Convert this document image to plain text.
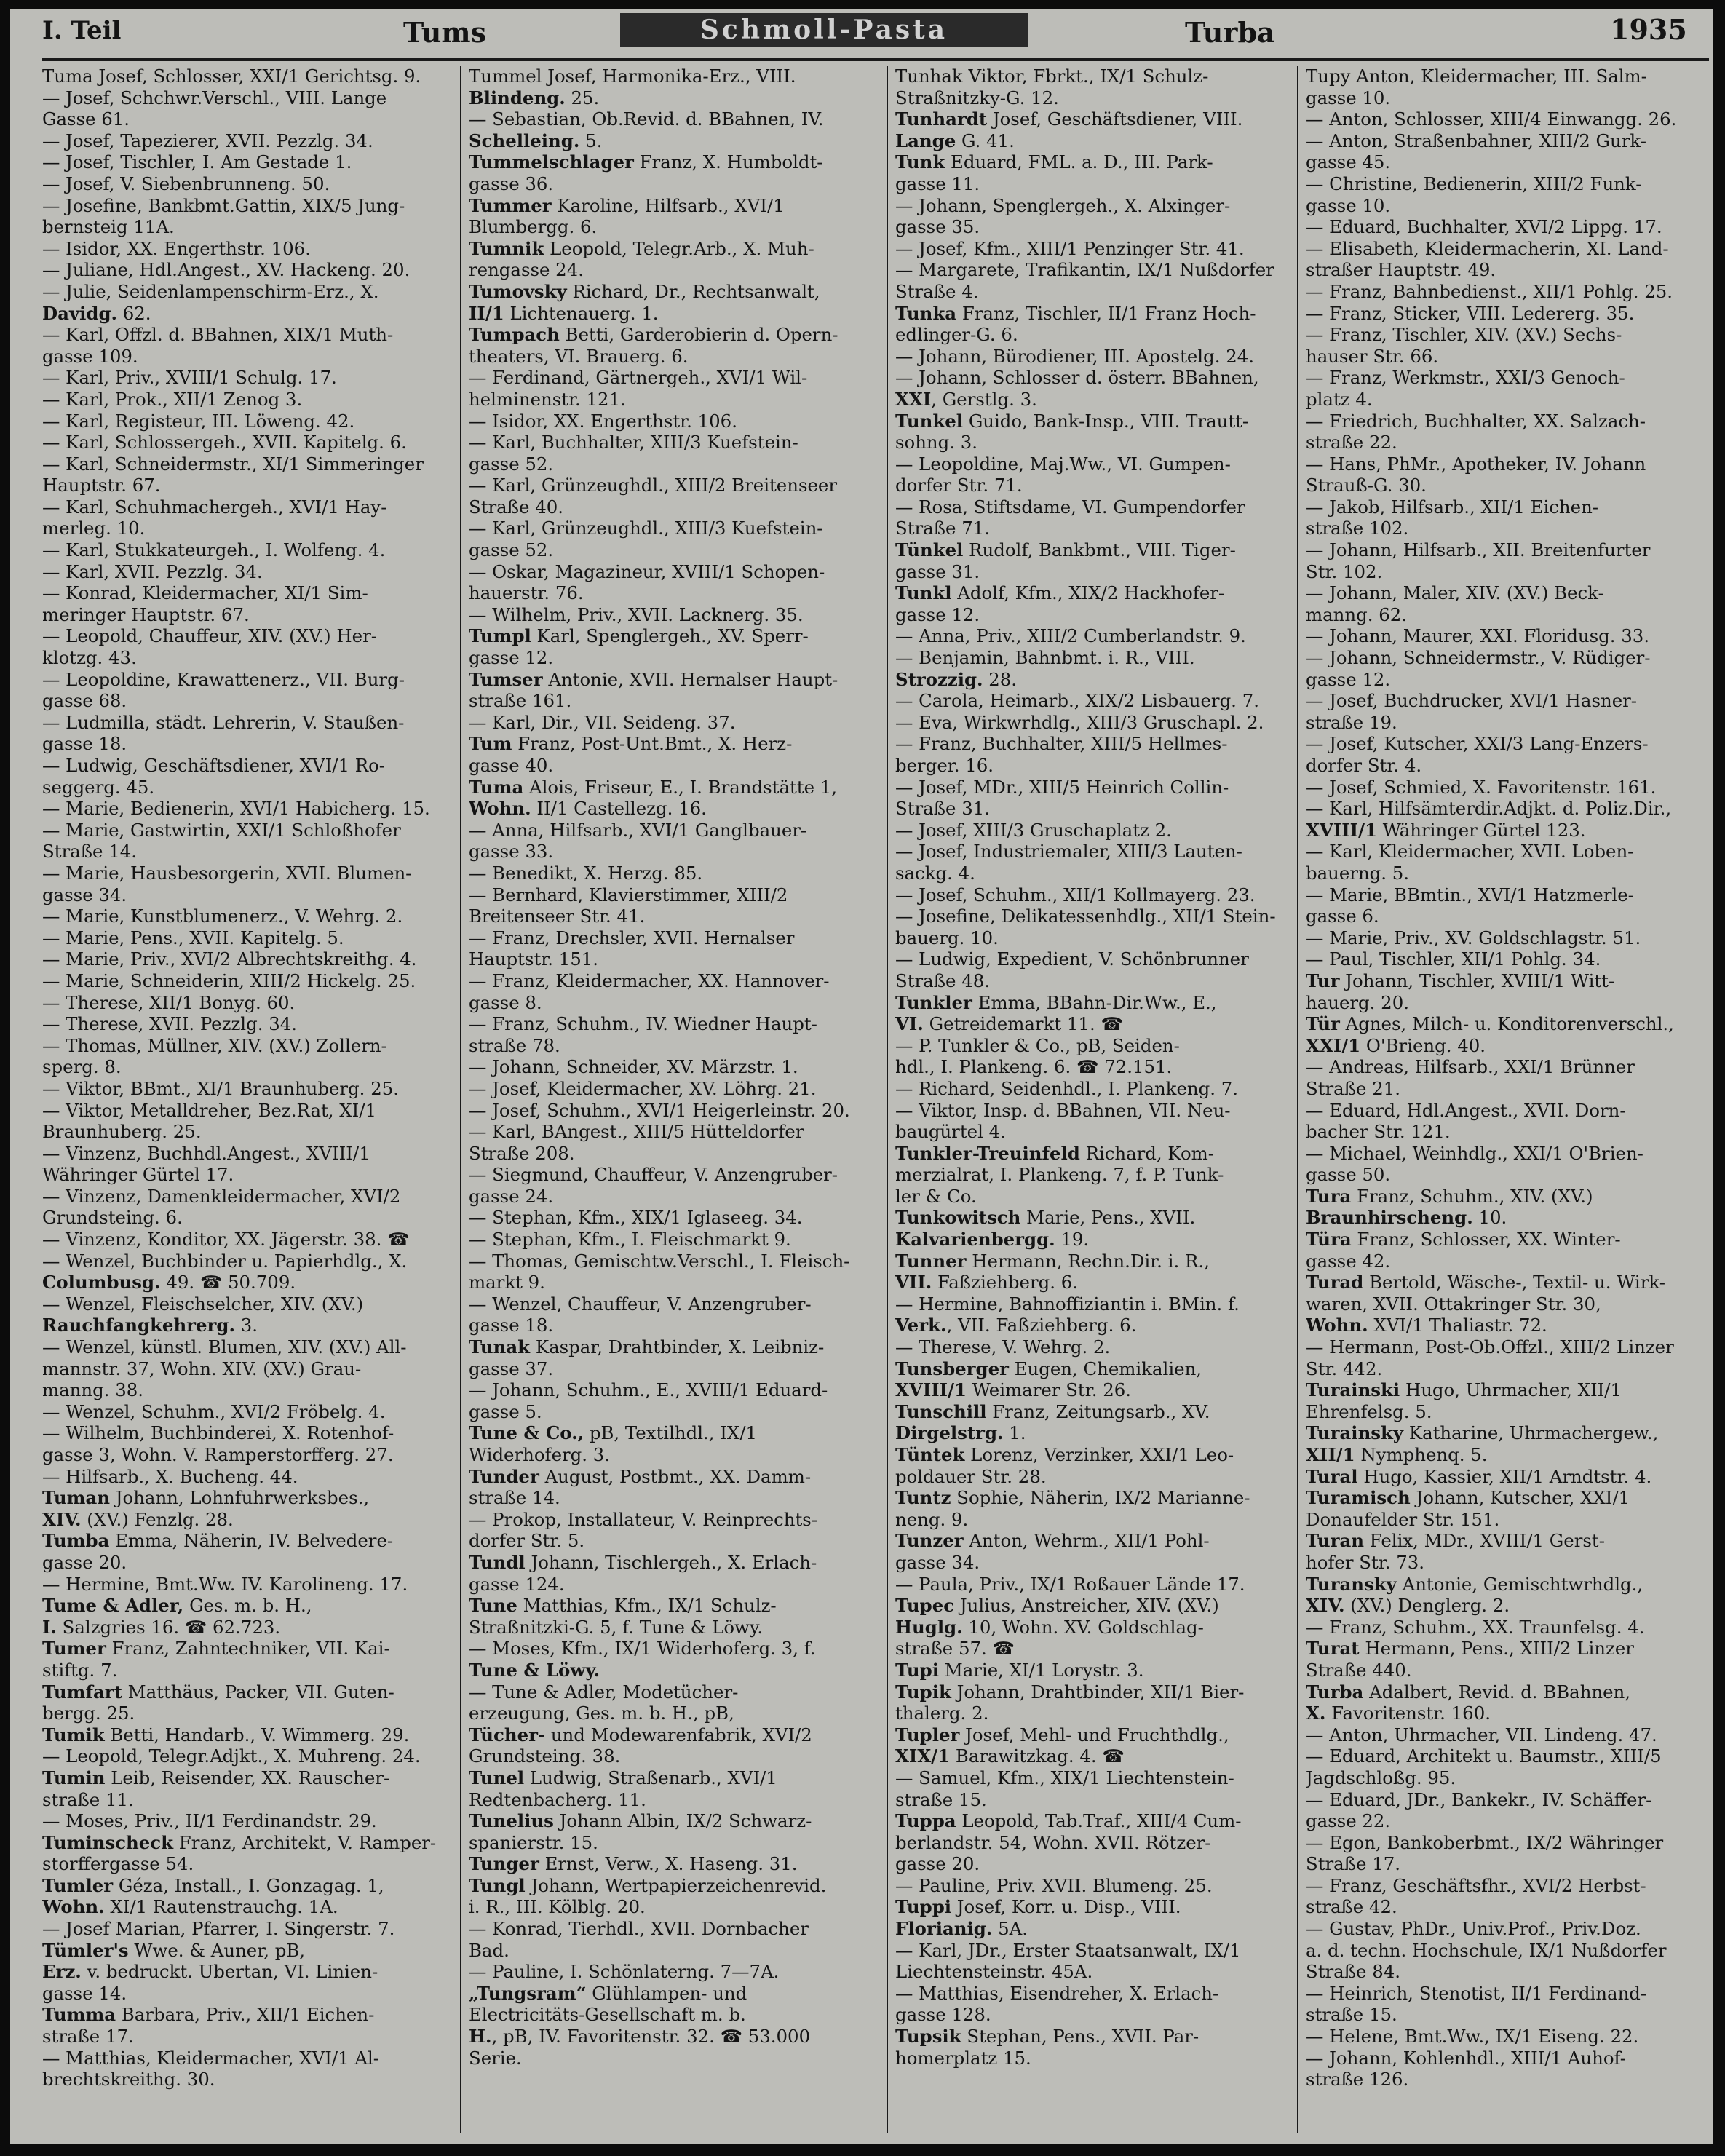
I. Teil	Tums	Schmoll-Pasta	Turba	1935

Tuma Josef, Schlosser, XXI/1 Gerichtsg. 9.

— Josef, Schchwr.Verschl., VIII. Lange

Gasse 61.

— Josef, Tapezierer, XVII. Pezzlg. 34.

— Josef, Tischler, I. Am Gestade 1.

— Josef, V. Siebenbrunneng. 50.

— Josefine, Bankbmt.Gattin, XIX/5 Jung-

bernsteig 11A.

— Isidor, XX. Engerthstr. 106.

— Juliane, Hdl.Angest., XV. Hackeng. 20.

— Julie, Seidenlampenschirm-Erz., X.

Davidg. 62.

— Karl, Offzl. d. BBahnen, XIX/1 Muth-

gasse 109.

— Karl, Priv., XVIII/1 Schulg. 17.

— Karl, Prok., XII/1 Zenog 3.

— Karl, Registeur, III. Löweng. 42.

— Karl, Schlossergeh., XVII. Kapitelg. 6.

— Karl, Schneidermstr., XI/1 Simmeringer

Hauptstr. 67.

— Karl, Schuhmachergeh., XVI/1 Hay-

merleg. 10.

— Karl, Stukkateurgeh., I. Wolfeng. 4.

— Karl, XVII. Pezzlg. 34.

— Konrad, Kleidermacher, XI/1 Sim-

meringer Hauptstr. 67.

— Leopold, Chauffeur, XIV. (XV.) Her-

klotzg. 43.

— Leopoldine, Krawattenerz., VII. Burg-

gasse 68.

— Ludmilla, städt. Lehrerin, V. Staußen-

gasse 18.

— Ludwig, Geschäftsdiener, XVI/1 Ro-

seggerg. 45.

— Marie, Bedienerin, XVI/1 Habicherg. 15.

— Marie, Gastwirtin, XXI/1 Schloßhofer

Straße 14.

— Marie, Hausbesorgerin, XVII. Blumen-

gasse 34.

— Marie, Kunstblumenerz., V. Wehrg. 2.

— Marie, Pens., XVII. Kapitelg. 5.

— Marie, Priv., XVI/2 Albrechtskreithg. 4.

— Marie, Schneiderin, XIII/2 Hickelg. 25.

— Therese, XII/1 Bonyg. 60.

— Therese, XVII. Pezzlg. 34.

— Thomas, Müllner, XIV. (XV.) Zollern-

sperg. 8.

— Viktor, BBmt., XI/1 Braunhuberg. 25.

— Viktor, Metalldreher, Bez.Rat, XI/1

Braunhuberg. 25.

— Vinzenz, Buchhdl.Angest., XVIII/1

Währinger Gürtel 17.

— Vinzenz, Damenkleidermacher, XVI/2

Grundsteing. 6.

— Vinzenz, Konditor, XX. Jägerstr. 38. ☎

— Wenzel, Buchbinder u. Papierhdlg., X.

Columbusg. 49. ☎ 50.709.

— Wenzel, Fleischselcher, XIV. (XV.)

Rauchfangkehrerg. 3.

— Wenzel, künstl. Blumen, XIV. (XV.) All-

mannstr. 37, Wohn. XIV. (XV.) Grau-

manng. 38.

— Wenzel, Schuhm., XVI/2 Fröbelg. 4.

— Wilhelm, Buchbinderei, X. Rotenhof-

gasse 3, Wohn. V. Ramperstorfferg. 27.

— Hilfsarb., X. Bucheng. 44.

Tuman Johann, Lohnfuhrwerksbes.,

XIV. (XV.) Fenzlg. 28.

Tumba Emma, Näherin, IV. Belvedere-

gasse 20.

— Hermine, Bmt.Ww. IV. Karolineng. 17.

Tume & Adler, Ges. m. b. H.,

I. Salzgries 16. ☎ 62.723.

Tumer Franz, Zahntechniker, VII. Kai-

stiftg. 7.

Tumfart Matthäus, Packer, VII. Guten-

bergg. 25.

Tumik Betti, Handarb., V. Wimmerg. 29.

— Leopold, Telegr.Adjkt., X. Muhreng. 24.

Tumin Leib, Reisender, XX. Rauscher-

straße 11.

— Moses, Priv., II/1 Ferdinandstr. 29.

Tuminscheck Franz, Architekt, V. Ramper-

storffergasse 54.

Tumler Géza, Install., I. Gonzagag. 1,

Wohn. XI/1 Rautenstrauchg. 1A.

— Josef Marian, Pfarrer, I. Singerstr. 7.

Tümler's Wwe. & Auner, pB,

Erz. v. bedruckt. Ubertan, VI. Linien-

gasse 14.

Tumma Barbara, Priv., XII/1 Eichen-

straße 17.

— Matthias, Kleidermacher, XVI/1 Al-

brechtskreithg. 30.

Tummel Josef, Harmonika-Erz., VIII.

Blindeng. 25.

— Sebastian, Ob.Revid. d. BBahnen, IV.

Schelleing. 5.

Tummelschlager Franz, X. Humboldt-

gasse 36.

Tummer Karoline, Hilfsarb., XVI/1

Blumbergg. 6.

Tumnik Leopold, Telegr.Arb., X. Muh-

rengasse 24.

Tumovsky Richard, Dr., Rechtsanwalt,

II/1 Lichtenauerg. 1.

Tumpach Betti, Garderobierin d. Opern-

theaters, VI. Brauerg. 6.

— Ferdinand, Gärtnergeh., XVI/1 Wil-

helminenstr. 121.

— Isidor, XX. Engerthstr. 106.

— Karl, Buchhalter, XIII/3 Kuefstein-

gasse 52.

— Karl, Grünzeughdl., XIII/2 Breitenseer

Straße 40.

— Karl, Grünzeughdl., XIII/3 Kuefstein-

gasse 52.

— Oskar, Magazineur, XVIII/1 Schopen-

hauerstr. 76.

— Wilhelm, Priv., XVII. Lacknerg. 35.

Tumpl Karl, Spenglergeh., XV. Sperr-

gasse 12.

Tumser Antonie, XVII. Hernalser Haupt-

straße 161.

— Karl, Dir., VII. Seideng. 37.

Tum Franz, Post-Unt.Bmt., X. Herz-

gasse 40.

Tuma Alois, Friseur, E., I. Brandstätte 1,

Wohn. II/1 Castellezg. 16.

— Anna, Hilfsarb., XVI/1 Ganglbauer-

gasse 33.

— Benedikt, X. Herzg. 85.

— Bernhard, Klavierstimmer, XIII/2

Breitenseer Str. 41.

— Franz, Drechsler, XVII. Hernalser

Hauptstr. 151.

— Franz, Kleidermacher, XX. Hannover-

gasse 8.

— Franz, Schuhm., IV. Wiedner Haupt-

straße 78.

— Johann, Schneider, XV. Märzstr. 1.

— Josef, Kleidermacher, XV. Löhrg. 21.

— Josef, Schuhm., XVI/1 Heigerleinstr. 20.

— Karl, BAngest., XIII/5 Hütteldorfer

Straße 208.

— Siegmund, Chauffeur, V. Anzengruber-

gasse 24.

— Stephan, Kfm., XIX/1 Iglaseeg. 34.

— Stephan, Kfm., I. Fleischmarkt 9.

— Thomas, Gemischtw.Verschl., I. Fleisch-

markt 9.

— Wenzel, Chauffeur, V. Anzengruber-

gasse 18.

Tunak Kaspar, Drahtbinder, X. Leibniz-

gasse 37.

— Johann, Schuhm., E., XVIII/1 Eduard-

gasse 5.

Tune & Co., pB, Textilhdl., IX/1

Widerhoferg. 3.

Tunder August, Postbmt., XX. Damm-

straße 14.

— Prokop, Installateur, V. Reinprechts-

dorfer Str. 5.

Tundl Johann, Tischlergeh., X. Erlach-

gasse 124.

Tune Matthias, Kfm., IX/1 Schulz-

Straßnitzki-G. 5, f. Tune & Löwy.

— Moses, Kfm., IX/1 Widerhoferg. 3, f.

Tune & Löwy.

— Tune & Adler, Modetücher-

erzeugung, Ges. m. b. H., pB,

Tücher- und Modewarenfabrik, XVI/2

Grundsteing. 38.

Tunel Ludwig, Straßenarb., XVI/1

Redtenbacherg. 11.

Tunelius Johann Albin, IX/2 Schwarz-

spanierstr. 15.

Tunger Ernst, Verw., X. Haseng. 31.

Tungl Johann, Wertpapierzeichenrevid.

i. R., III. Kölblg. 20.

— Konrad, Tierhdl., XVII. Dornbacher

Bad.

— Pauline, I. Schönlaterng. 7—7A.

„Tungsram“ Glühlampen- und

Electricitäts-Gesellschaft m. b.

H., pB, IV. Favoritenstr. 32. ☎ 53.000

Serie.

Tunhak Viktor, Fbrkt., IX/1 Schulz-

Straßnitzky-G. 12.

Tunhardt Josef, Geschäftsdiener, VIII.

Lange G. 41.

Tunk Eduard, FML. a. D., III. Park-

gasse 11.

— Johann, Spenglergeh., X. Alxinger-

gasse 35.

— Josef, Kfm., XIII/1 Penzinger Str. 41.

— Margarete, Trafikantin, IX/1 Nußdorfer

Straße 4.

Tunka Franz, Tischler, II/1 Franz Hoch-

edlinger-G. 6.

— Johann, Bürodiener, III. Apostelg. 24.

— Johann, Schlosser d. österr. BBahnen,

XXI, Gerstlg. 3.

Tunkel Guido, Bank-Insp., VIII. Trautt-

sohng. 3.

— Leopoldine, Maj.Ww., VI. Gumpen-

dorfer Str. 71.

— Rosa, Stiftsdame, VI. Gumpendorfer

Straße 71.

Tünkel Rudolf, Bankbmt., VIII. Tiger-

gasse 31.

Tunkl Adolf, Kfm., XIX/2 Hackhofer-

gasse 12.

— Anna, Priv., XIII/2 Cumberlandstr. 9.

— Benjamin, Bahnbmt. i. R., VIII.

Strozzig. 28.

— Carola, Heimarb., XIX/2 Lisbauerg. 7.

— Eva, Wirkwrhdlg., XIII/3 Gruschapl. 2.

— Franz, Buchhalter, XIII/5 Hellmes-

berger. 16.

— Josef, MDr., XIII/5 Heinrich Collin-

Straße 31.

— Josef, XIII/3 Gruschaplatz 2.

— Josef, Industriemaler, XIII/3 Lauten-

sackg. 4.

— Josef, Schuhm., XII/1 Kollmayerg. 23.

— Josefine, Delikatessenhdlg., XII/1 Stein-

bauerg. 10.

— Ludwig, Expedient, V. Schönbrunner

Straße 48.

Tunkler Emma, BBahn-Dir.Ww., E.,

VI. Getreidemarkt 11. ☎

— P. Tunkler & Co., pB, Seiden-

hdl., I. Plankeng. 6. ☎ 72.151.

— Richard, Seidenhdl., I. Plankeng. 7.

— Viktor, Insp. d. BBahnen, VII. Neu-

baugürtel 4.

Tunkler-Treuinfeld Richard, Kom-

merzialrat, I. Plankeng. 7, f. P. Tunk-

ler & Co.

Tunkowitsch Marie, Pens., XVII.

Kalvarienbergg. 19.

Tunner Hermann, Rechn.Dir. i. R.,

VII. Faßziehberg. 6.

— Hermine, Bahnoffiziantin i. BMin. f.

Verk., VII. Faßziehberg. 6.

— Therese, V. Wehrg. 2.

Tunsberger Eugen, Chemikalien,

XVIII/1 Weimarer Str. 26.

Tunschill Franz, Zeitungsarb., XV.

Dirgelstrg. 1.

Tüntek Lorenz, Verzinker, XXI/1 Leo-

poldauer Str. 28.

Tuntz Sophie, Näherin, IX/2 Marianne-

neng. 9.

Tunzer Anton, Wehrm., XII/1 Pohl-

gasse 34.

— Paula, Priv., IX/1 Roßauer Lände 17.

Tupec Julius, Anstreicher, XIV. (XV.)

Huglg. 10, Wohn. XV. Goldschlag-

straße 57. ☎

Tupi Marie, XI/1 Lorystr. 3.

Tupik Johann, Drahtbinder, XII/1 Bier-

thalerg. 2.

Tupler Josef, Mehl- und Fruchthdlg.,

XIX/1 Barawitzkag. 4. ☎

— Samuel, Kfm., XIX/1 Liechtenstein-

straße 15.

Tuppa Leopold, Tab.Traf., XIII/4 Cum-

berlandstr. 54, Wohn. XVII. Rötzer-

gasse 20.

— Pauline, Priv. XVII. Blumeng. 25.

Tuppi Josef, Korr. u. Disp., VIII.

Florianig. 5A.

— Karl, JDr., Erster Staatsanwalt, IX/1

Liechtensteinstr. 45A.

— Matthias, Eisendreher, X. Erlach-

gasse 128.

Tupsik Stephan, Pens., XVII. Par-

homerplatz 15.

Tupy Anton, Kleidermacher, III. Salm-

gasse 10.

— Anton, Schlosser, XIII/4 Einwangg. 26.

— Anton, Straßenbahner, XIII/2 Gurk-

gasse 45.

— Christine, Bedienerin, XIII/2 Funk-

gasse 10.

— Eduard, Buchhalter, XVI/2 Lippg. 17.

— Elisabeth, Kleidermacherin, XI. Land-

straßer Hauptstr. 49.

— Franz, Bahnbedienst., XII/1 Pohlg. 25.

— Franz, Sticker, VIII. Ledererg. 35.

— Franz, Tischler, XIV. (XV.) Sechs-

hauser Str. 66.

— Franz, Werkmstr., XXI/3 Genoch-

platz 4.

— Friedrich, Buchhalter, XX. Salzach-

straße 22.

— Hans, PhMr., Apotheker, IV. Johann

Strauß-G. 30.

— Jakob, Hilfsarb., XII/1 Eichen-

straße 102.

— Johann, Hilfsarb., XII. Breitenfurter

Str. 102.

— Johann, Maler, XIV. (XV.) Beck-

manng. 62.

— Johann, Maurer, XXI. Floridusg. 33.

— Johann, Schneidermstr., V. Rüdiger-

gasse 12.

— Josef, Buchdrucker, XVI/1 Hasner-

straße 19.

— Josef, Kutscher, XXI/3 Lang-Enzers-

dorfer Str. 4.

— Josef, Schmied, X. Favoritenstr. 161.

— Karl, Hilfsämterdir.Adjkt. d. Poliz.Dir.,

XVIII/1 Währinger Gürtel 123.

— Karl, Kleidermacher, XVII. Loben-

bauerng. 5.

— Marie, BBmtin., XVI/1 Hatzmerle-

gasse 6.

— Marie, Priv., XV. Goldschlagstr. 51.

— Paul, Tischler, XII/1 Pohlg. 34.

Tur Johann, Tischler, XVIII/1 Witt-

hauerg. 20.

Tür Agnes, Milch- u. Konditorenverschl.,

XXI/1 O'Brieng. 40.

— Andreas, Hilfsarb., XXI/1 Brünner

Straße 21.

— Eduard, Hdl.Angest., XVII. Dorn-

bacher Str. 121.

— Michael, Weinhdlg., XXI/1 O'Brien-

gasse 50.

Tura Franz, Schuhm., XIV. (XV.)

Braunhirscheng. 10.

Türa Franz, Schlosser, XX. Winter-

gasse 42.

Turad Bertold, Wäsche-, Textil- u. Wirk-

waren, XVII. Ottakringer Str. 30,

Wohn. XVI/1 Thaliastr. 72.

— Hermann, Post-Ob.Offzl., XIII/2 Linzer

Str. 442.

Turainski Hugo, Uhrmacher, XII/1

Ehrenfelsg. 5.

Turainsky Katharine, Uhrmachergew.,

XII/1 Nymphenq. 5.

Tural Hugo, Kassier, XII/1 Arndtstr. 4.

Turamisch Johann, Kutscher, XXI/1

Donaufelder Str. 151.

Turan Felix, MDr., XVIII/1 Gerst-

hofer Str. 73.

Turansky Antonie, Gemischtwrhdlg.,

XIV. (XV.) Denglerg. 2.

— Franz, Schuhm., XX. Traunfelsg. 4.

Turat Hermann, Pens., XIII/2 Linzer

Straße 440.

Turba Adalbert, Revid. d. BBahnen,

X. Favoritenstr. 160.

— Anton, Uhrmacher, VII. Lindeng. 47.

— Eduard, Architekt u. Baumstr., XIII/5

Jagdschloßg. 95.

— Eduard, JDr., Bankekr., IV. Schäffer-

gasse 22.

— Egon, Bankoberbmt., IX/2 Währinger

Straße 17.

— Franz, Geschäftsfhr., XVI/2 Herbst-

straße 42.

— Gustav, PhDr., Univ.Prof., Priv.Doz.

a. d. techn. Hochschule, IX/1 Nußdorfer

Straße 84.

— Heinrich, Stenotist, II/1 Ferdinand-

straße 15.

— Helene, Bmt.Ww., IX/1 Eiseng. 22.

— Johann, Kohlenhdl., XIII/1 Auhof-

straße 126.
